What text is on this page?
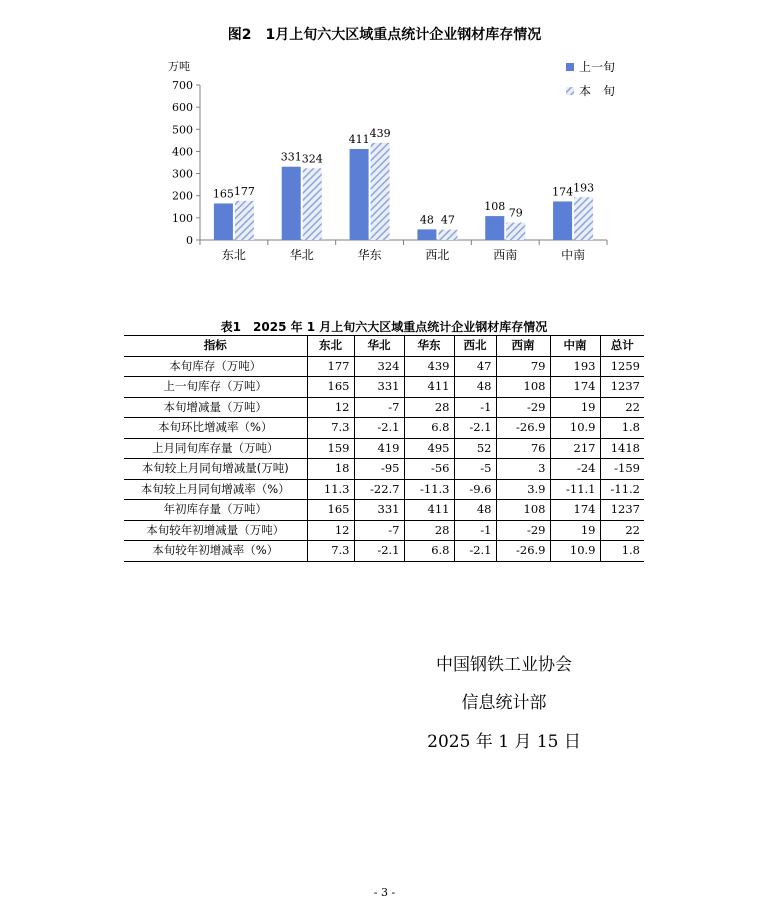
图2　1月上旬六大区域重点统计企业钢材库存情况
万吨
0
100
200
300
400
500
600
700
东北
165 177
华北
331 324
华东
411 439
西北
48 47
西南
108 79
中南
174 193
上一旬
本　旬
表1　2025 年 1 月上旬六大区域重点统计企业钢材库存情况
指标	东北	华北	华东	西北	西南	中南	总计
本旬库存（万吨）	177	324	439	47	79	193	1259
上一旬库存（万吨）	165	331	411	48	108	174	1237
本旬增减量（万吨）	12	-7	28	-1	-29	19	22
本旬环比增减率（%）	7.3	-2.1	6.8	-2.1	-26.9	10.9	1.8
上月同旬库存量（万吨）	159	419	495	52	76	217	1418
本旬较上月同旬增减量(万吨)	18	-95	-56	-5	3	-24	-159
本旬较上月同旬增减率（%）	11.3	-22.7	-11.3	-9.6	3.9	-11.1	-11.2
年初库存量（万吨）	165	331	411	48	108	174	1237
本旬较年初增减量（万吨）	12	-7	28	-1	-29	19	22
本旬较年初增减率（%）	7.3	-2.1	6.8	-2.1	-26.9	10.9	1.8
中国钢铁工业协会
信息统计部
2025 年 1 月 15 日
- 3 -
